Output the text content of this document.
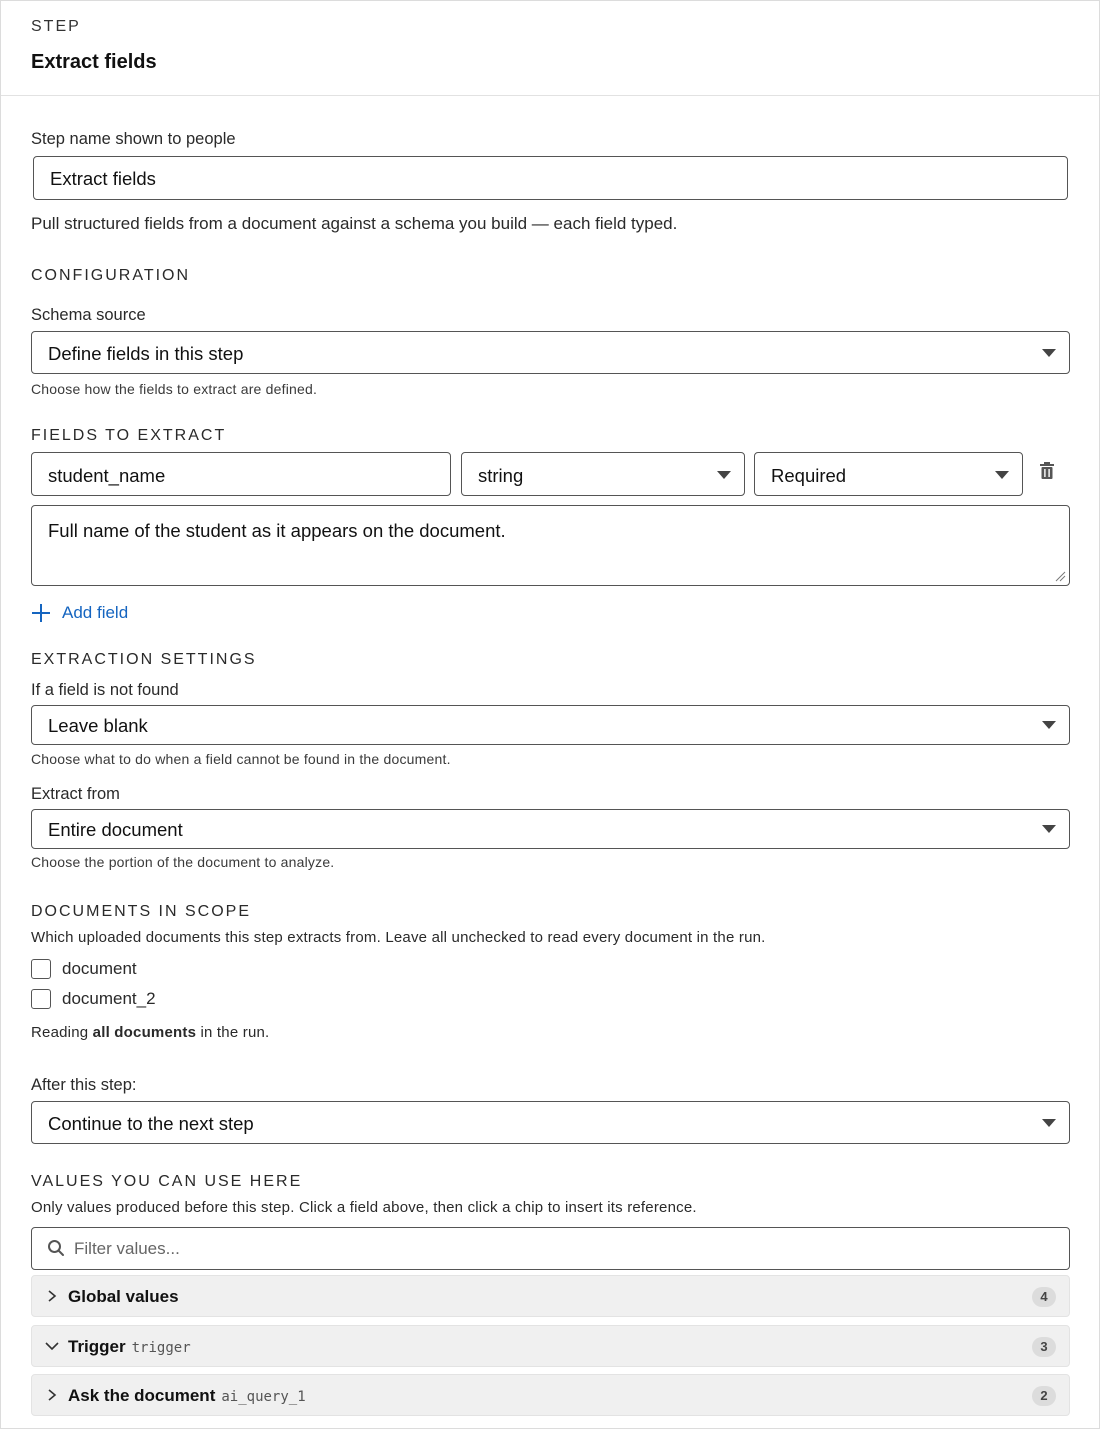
STEP
Extract fields
Step name shown to people
Extract fields
Pull structured fields from a document against a schema you build — each field typed.
CONFIGURATION
Schema source
Define fields in this step
Choose how the fields to extract are defined.
FIELDS TO EXTRACT
student_name	string	Required
Full name of the student as it appears on the document.
Add field
EXTRACTION SETTINGS
If a field is not found
Leave blank
Choose what to do when a field cannot be found in the document.
Extract from
Entire document
Choose the portion of the document to analyze.
DOCUMENTS IN SCOPE
Which uploaded documents this step extracts from. Leave all unchecked to read every document in the run.
document
document_2
Reading all documents in the run.
After this step:
Continue to the next step
VALUES YOU CAN USE HERE
Only values produced before this step. Click a field above, then click a chip to insert its reference.
Filter values...
Global values	4
Trigger trigger	3
Ask the document ai_query_1	2
